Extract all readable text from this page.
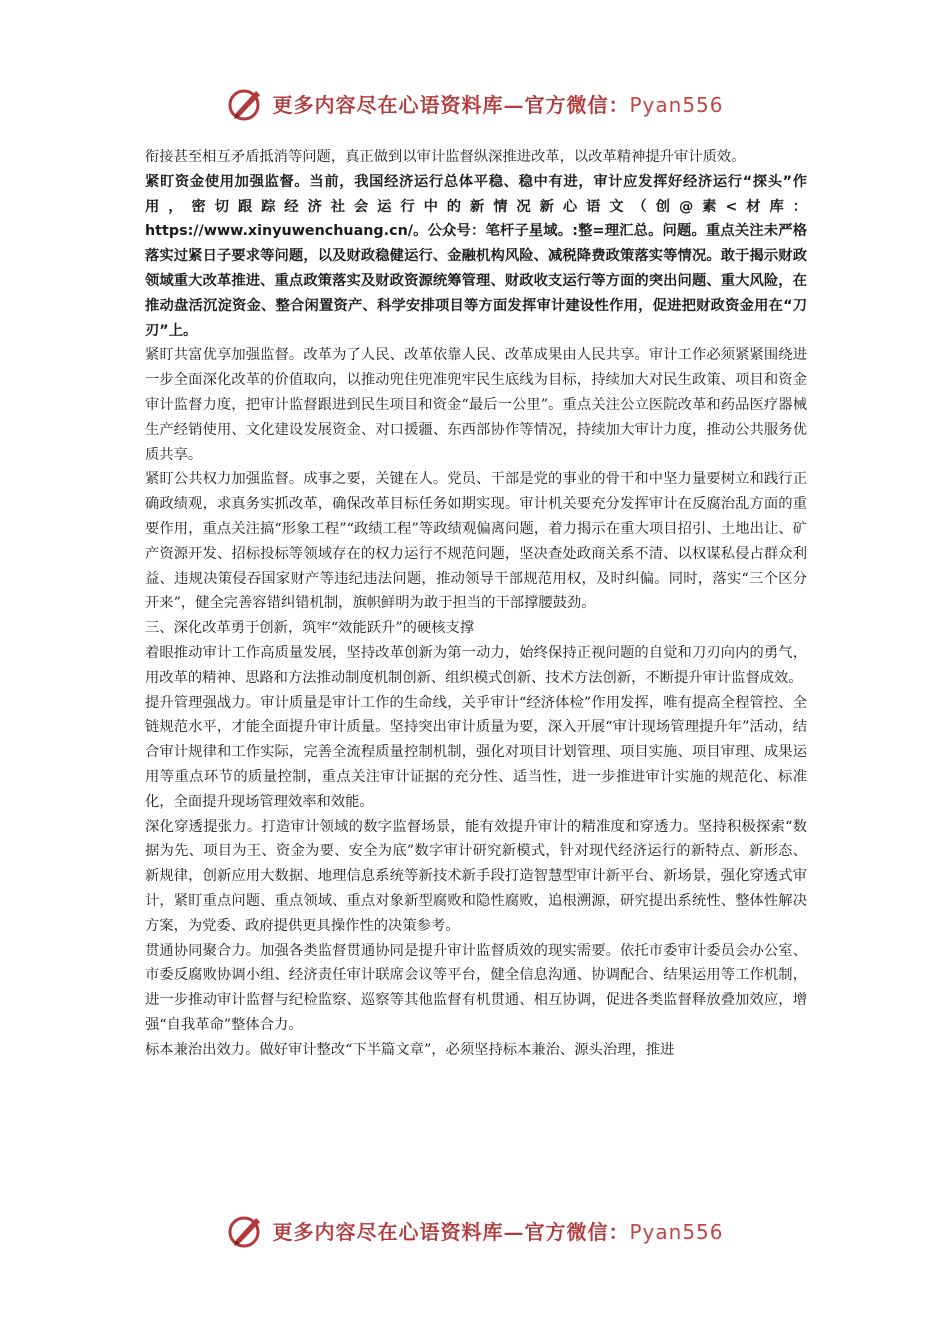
更多内容尽在心语资料库—官方微信：Pyan556

衔接甚至相互矛盾抵消等问题，真正做到以审计监督纵深推进改革，以改革精神提升审计质效。

紧盯资金使用加强监督。当前，我国经济运行总体平稳、稳中有进，审计应发挥好经济运行“探头”作用，密切跟踪经济社会运行中的新情况新心语文（创@素<材库：https://www.xinyuwenchuang.cn/。公众号：笔杆子星域。:整=理汇总。问题。重点关注未严格落实过紧日子要求等问题，以及财政稳健运行、金融机构风险、减税降费政策落实等情况。敢于揭示财政领域重大改革推进、重点政策落实及财政资源统筹管理、财政收支运行等方面的突出问题、重大风险，在推动盘活沉淀资金、整合闲置资产、科学安排项目等方面发挥审计建设性作用，促进把财政资金用在“刀刃”上。

紧盯共富优享加强监督。改革为了人民、改革依靠人民、改革成果由人民共享。审计工作必须紧紧围绕进一步全面深化改革的价值取向，以推动兜住兜准兜牢民生底线为目标，持续加大对民生政策、项目和资金审计监督力度，把审计监督跟进到民生项目和资金“最后一公里”。重点关注公立医院改革和药品医疗器械生产经销使用、文化建设发展资金、对口援疆、东西部协作等情况，持续加大审计力度，推动公共服务优质共享。

紧盯公共权力加强监督。成事之要，关键在人。党员、干部是党的事业的骨干和中坚力量要树立和践行正确政绩观，求真务实抓改革，确保改革目标任务如期实现。审计机关要充分发挥审计在反腐治乱方面的重要作用，重点关注搞“形象工程”“政绩工程”等政绩观偏离问题，着力揭示在重大项目招引、土地出让、矿产资源开发、招标投标等领域存在的权力运行不规范问题，坚决查处政商关系不清、以权谋私侵占群众利益、违规决策侵吞国家财产等违纪违法问题，推动领导干部规范用权，及时纠偏。同时，落实“三个区分开来”，健全完善容错纠错机制，旗帜鲜明为敢于担当的干部撑腰鼓劲。

三、深化改革勇于创新，筑牢“效能跃升”的硬核支撑

着眼推动审计工作高质量发展，坚持改革创新为第一动力，始终保持正视问题的自觉和刀刃向内的勇气，用改革的精神、思路和方法推动制度机制创新、组织模式创新、技术方法创新，不断提升审计监督成效。

提升管理强战力。审计质量是审计工作的生命线，关乎审计“经济体检”作用发挥，唯有提高全程管控、全链规范水平，才能全面提升审计质量。坚持突出审计质量为要，深入开展“审计现场管理提升年”活动，结合审计规律和工作实际，完善全流程质量控制机制，强化对项目计划管理、项目实施、项目审理、成果运用等重点环节的质量控制，重点关注审计证据的充分性、适当性，进一步推进审计实施的规范化、标准化，全面提升现场管理效率和效能。

深化穿透提张力。打造审计领域的数字监督场景，能有效提升审计的精准度和穿透力。坚持积极探索“数据为先、项目为王、资金为要、安全为底”数字审计研究新模式，针对现代经济运行的新特点、新形态、新规律，创新应用大数据、地理信息系统等新技术新手段打造智慧型审计新平台、新场景，强化穿透式审计，紧盯重点问题、重点领域、重点对象新型腐败和隐性腐败，追根溯源，研究提出系统性、整体性解决方案，为党委、政府提供更具操作性的决策参考。

贯通协同聚合力。加强各类监督贯通协同是提升审计监督质效的现实需要。依托市委审计委员会办公室、市委反腐败协调小组、经济责任审计联席会议等平台，健全信息沟通、协调配合、结果运用等工作机制，进一步推动审计监督与纪检监察、巡察等其他监督有机贯通、相互协调，促进各类监督释放叠加效应，增强“自我革命”整体合力。

标本兼治出效力。做好审计整改“下半篇文章”，必须坚持标本兼治、源头治理，推进

更多内容尽在心语资料库—官方微信：Pyan556
